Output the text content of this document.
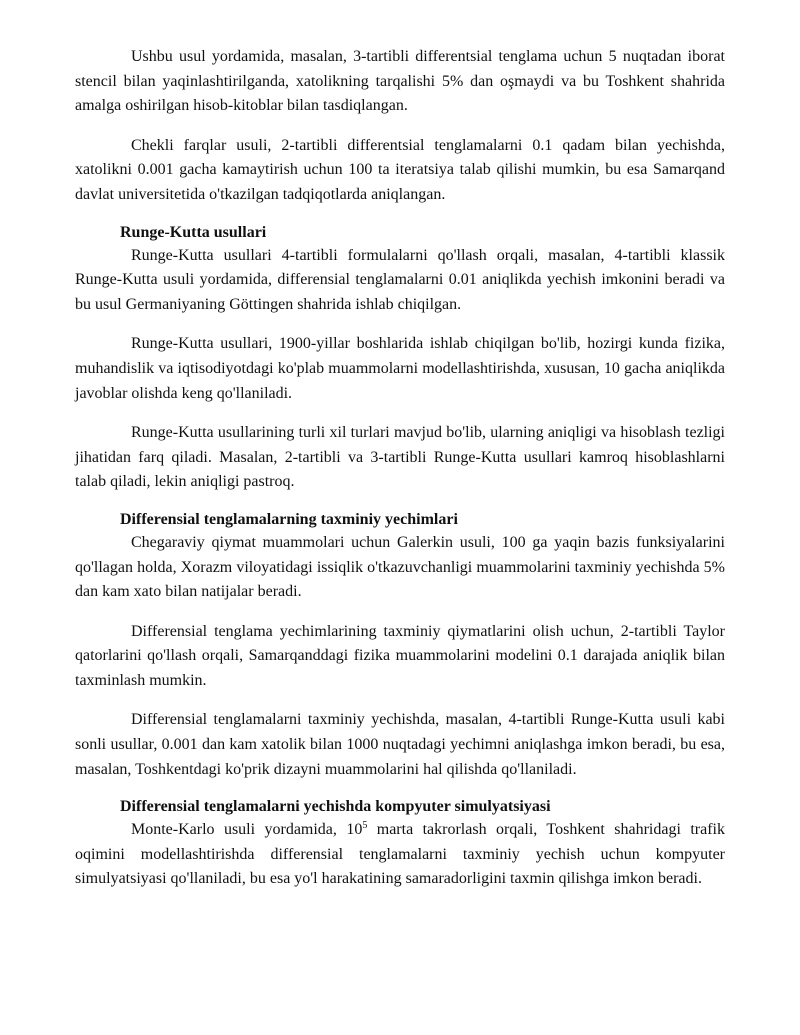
Ushbu usul yordamida, masalan, 3-tartibli differentsial tenglama uchun 5 nuqtadan iborat stencil bilan yaqinlashtirilganda, xatolikning tarqalishi 5% dan oşmaydi va bu Toshkent shahrida amalga oshirilgan hisob-kitoblar bilan tasdiqlangan.

Chekli farqlar usuli, 2-tartibli differentsial tenglamalarni 0.1 qadam bilan yechishda, xatolikni 0.001 gacha kamaytirish uchun 100 ta iteratsiya talab qilishi mumkin, bu esa Samarqand davlat universitetida o'tkazilgan tadqiqotlarda aniqlangan.

Runge-Kutta usullari

Runge-Kutta usullari 4-tartibli formulalarni qo'llash orqali, masalan, 4-tartibli klassik Runge-Kutta usuli yordamida, differensial tenglamalarni 0.01 aniqlikda yechish imkonini beradi va bu usul Germaniyaning Göttingen shahrida ishlab chiqilgan.

Runge-Kutta usullari, 1900-yillar boshlarida ishlab chiqilgan bo'lib, hozirgi kunda fizika, muhandislik va iqtisodiyotdagi ko'plab muammolarni modellashtirishda, xususan, 10 gacha aniqlikda javoblar olishda keng qo'llaniladi.

Runge-Kutta usullarining turli xil turlari mavjud bo'lib, ularning aniqligi va hisoblash tezligi jihatidan farq qiladi. Masalan, 2-tartibli va 3-tartibli Runge-Kutta usullari kamroq hisoblashlarni talab qiladi, lekin aniqligi pastroq.

Differensial tenglamalarning taxminiy yechimlari

Chegaraviy qiymat muammolari uchun Galerkin usuli, 100 ga yaqin bazis funksiyalarini qo'llagan holda, Xorazm viloyatidagi issiqlik o'tkazuvchanligi muammolarini taxminiy yechishda 5% dan kam xato bilan natijalar beradi.

Differensial tenglama yechimlarining taxminiy qiymatlarini olish uchun, 2-tartibli Taylor qatorlarini qo'llash orqali, Samarqanddagi fizika muammolarini modelini 0.1 darajada aniqlik bilan taxminlash mumkin.

Differensial tenglamalarni taxminiy yechishda, masalan, 4-tartibli Runge-Kutta usuli kabi sonli usullar, 0.001 dan kam xatolik bilan 1000 nuqtadagi yechimni aniqlashga imkon beradi, bu esa, masalan, Toshkentdagi ko'prik dizayni muammolarini hal qilishda qo'llaniladi.

Differensial tenglamalarni yechishda kompyuter simulyatsiyasi

Monte-Karlo usuli yordamida, $10^5$ marta takrorlash orqali, Toshkent shahridagi trafik oqimini modellashtirishda differensial tenglamalarni taxminiy yechish uchun kompyuter simulyatsiyasi qo'llaniladi, bu esa yo'l harakatining samaradorligini taxmin qilishga imkon beradi.
